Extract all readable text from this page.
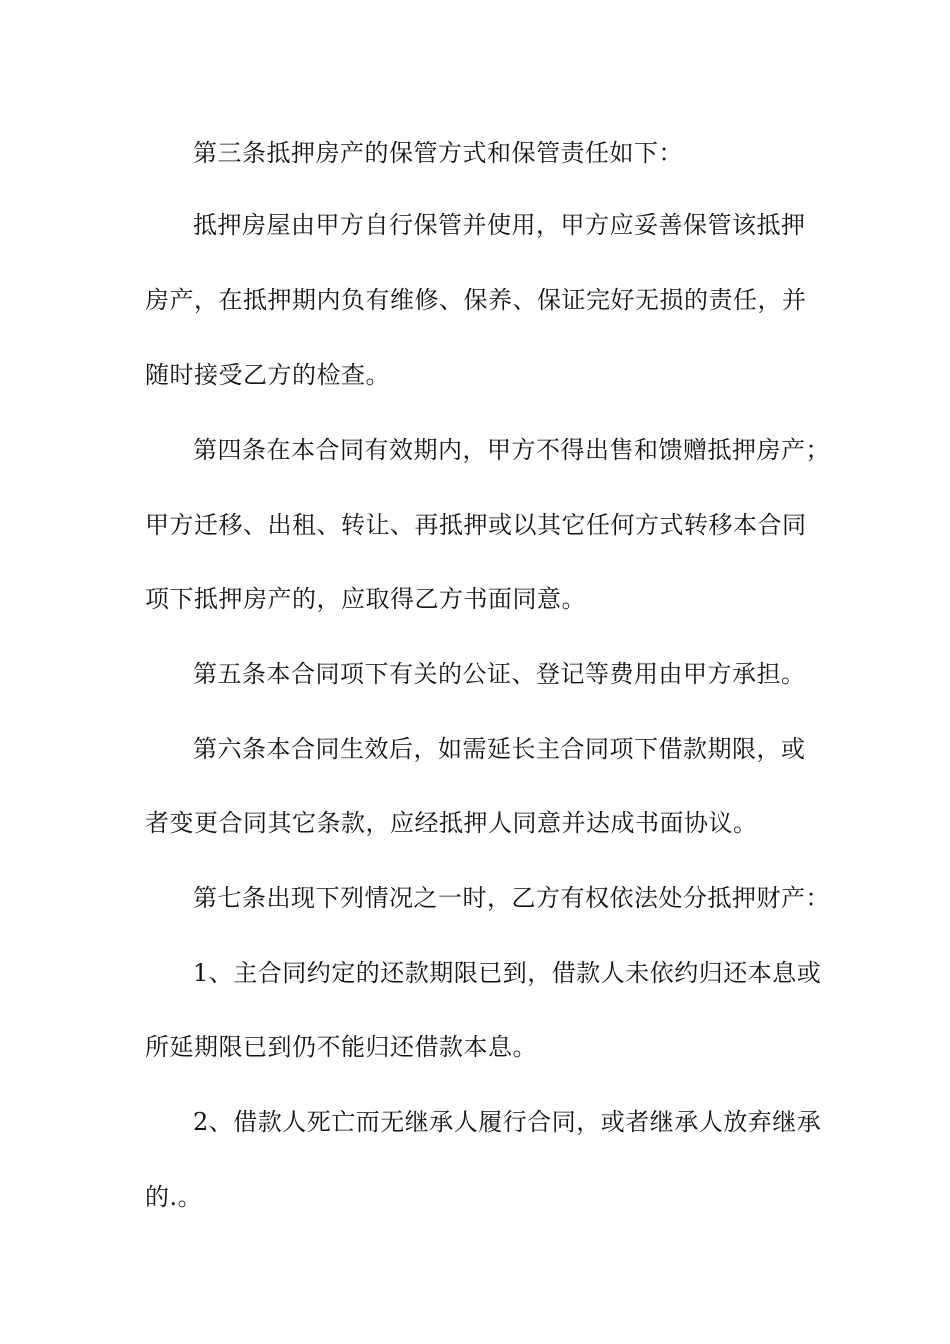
第三条抵押房产的保管方式和保管责任如下：
抵押房屋由甲方自行保管并使用，甲方应妥善保管该抵押
房产，在抵押期内负有维修、保养、保证完好无损的责任，并
随时接受乙方的检查。
第四条在本合同有效期内，甲方不得出售和馈赠抵押房产；
甲方迁移、出租、转让、再抵押或以其它任何方式转移本合同
项下抵押房产的，应取得乙方书面同意。
第五条本合同项下有关的公证、登记等费用由甲方承担。
第六条本合同生效后，如需延长主合同项下借款期限，或
者变更合同其它条款，应经抵押人同意并达成书面协议。
第七条出现下列情况之一时，乙方有权依法处分抵押财产：
1、主合同约定的还款期限已到，借款人未依约归还本息或
所延期限已到仍不能归还借款本息。
2、借款人死亡而无继承人履行合同，或者继承人放弃继承
的.。
